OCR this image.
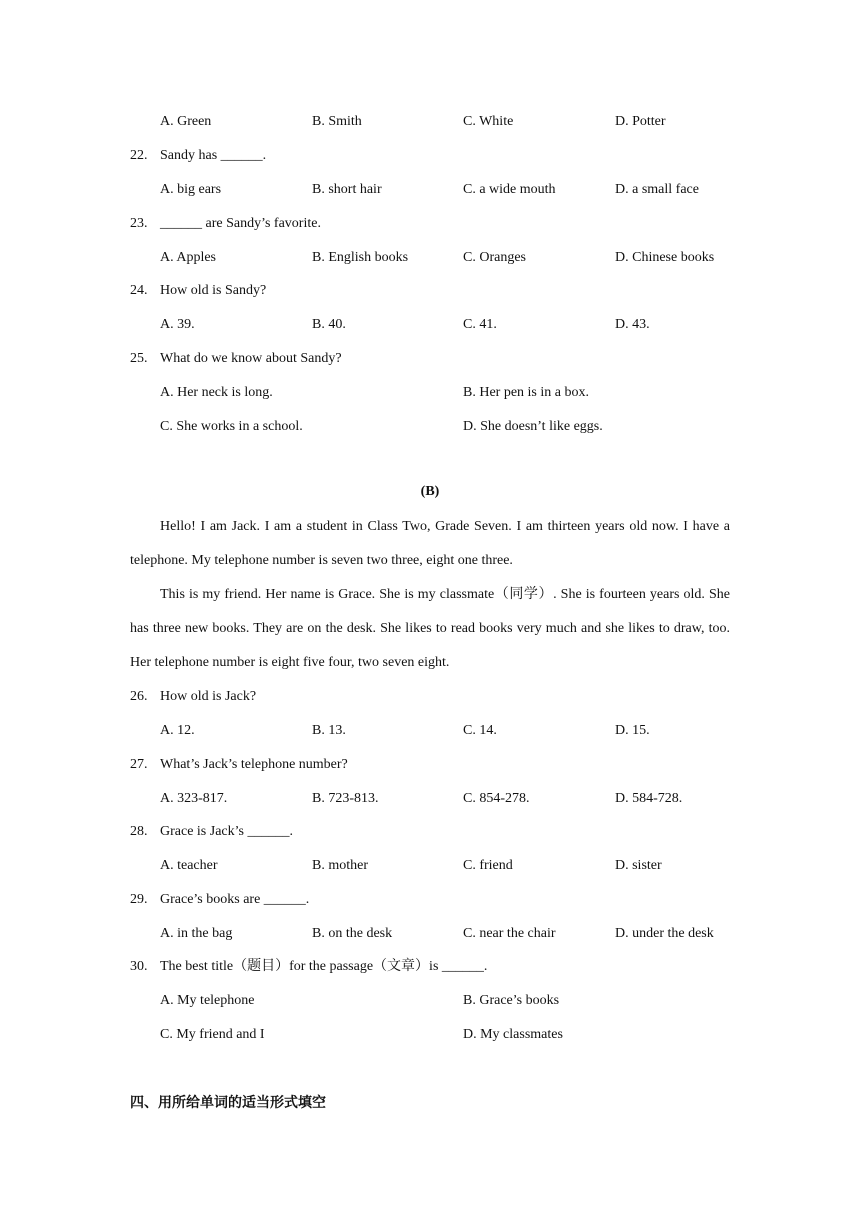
A. Green	B. Smith	C. White	D. Potter
22. Sandy has ______.
A. big ears	B. short hair	C. a wide mouth	D. a small face
23. ______ are Sandy’s favorite.
A. Apples	B. English books	C. Oranges	D. Chinese books
24. How old is Sandy?
A. 39.	B. 40.	C. 41.	D. 43.
25. What do we know about Sandy?
A. Her neck is long.	B. Her pen is in a box.
C. She works in a school.	D. She doesn’t like eggs.
(B)
Hello! I am Jack. I am a student in Class Two, Grade Seven. I am thirteen years old now. I have a telephone. My telephone number is seven two three, eight one three.
This is my friend. Her name is Grace. She is my classmate（同学）. She is fourteen years old. She has three new books. They are on the desk. She likes to read books very much and she likes to draw, too. Her telephone number is eight five four, two seven eight.
26. How old is Jack?
A. 12.	B. 13.	C. 14.	D. 15.
27. What’s Jack’s telephone number?
A. 323-817.	B. 723-813.	C. 854-278.	D. 584-728.
28. Grace is Jack’s ______.
A. teacher	B. mother	C. friend	D. sister
29. Grace’s books are ______.
A. in the bag	B. on the desk	C. near the chair	D. under the desk
30. The best title（题目）for the passage（文章）is ______.
A. My telephone	B. Grace’s books
C. My friend and I	D. My classmates
四、用所给单词的适当形式填空
